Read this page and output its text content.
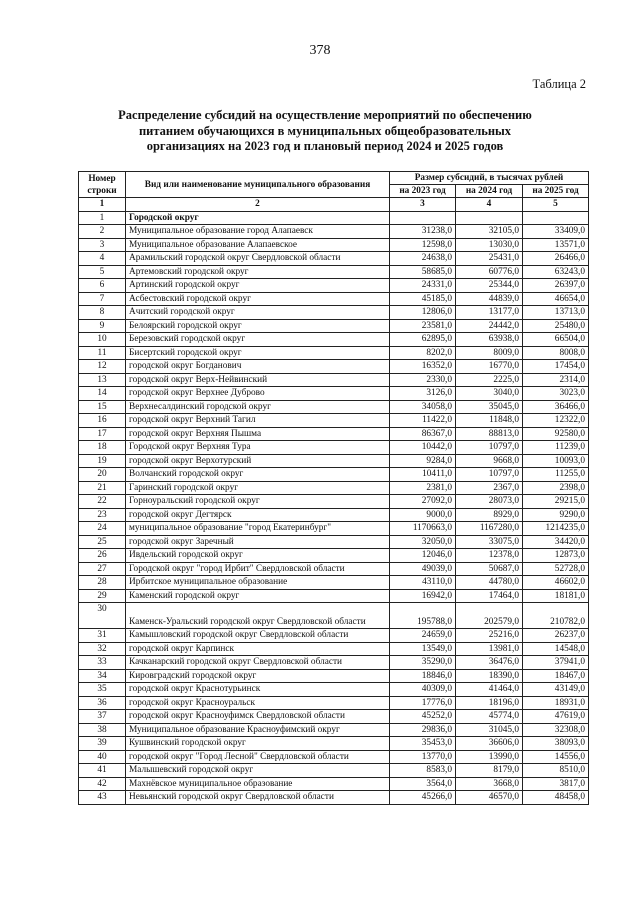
378
Таблица 2
Распределение субсидий на осуществление мероприятий по обеспечению питанием обучающихся в муниципальных общеобразовательных организациях на 2023 год и плановый период 2024 и 2025 годов
Номер строки	Вид или наименование муниципального образования	Размер субсидий, в тысячах рублей		
		на 2023 год	на 2024 год	на 2025 год
1	2	3	4	5
1	Городской округ			
2	Муниципальное образование город Алапаевск	31238,0	32105,0	33409,0
3	Муниципальное образование Алапаевское	12598,0	13030,0	13571,0
4	Арамильский городской округ Свердловской области	24638,0	25431,0	26466,0
5	Артемовский городской округ	58685,0	60776,0	63243,0
6	Артинский городской округ	24331,0	25344,0	26397,0
7	Асбестовский городской округ	45185,0	44839,0	46654,0
8	Ачитский городской округ	12806,0	13177,0	13713,0
9	Белоярский городской округ	23581,0	24442,0	25480,0
10	Березовский городской округ	62895,0	63938,0	66504,0
11	Бисертский городской округ	8202,0	8009,0	8008,0
12	городской округ Богданович	16352,0	16770,0	17454,0
13	городской округ Верх-Нейвинский	2330,0	2225,0	2314,0
14	городской округ Верхнее Дуброво	3126,0	3040,0	3023,0
15	Верхнесалдинский городской округ	34058,0	35045,0	36466,0
16	городской округ Верхний Тагил	11422,0	11848,0	12322,0
17	городской округ Верхняя Пышма	86367,0	88813,0	92580,0
18	Городской округ Верхняя Тура	10442,0	10797,0	11239,0
19	городской округ Верхотурский	9284,0	9668,0	10093,0
20	Волчанский городской округ	10411,0	10797,0	11255,0
21	Гаринский городской округ	2381,0	2367,0	2398,0
22	Горноуральский городской округ	27092,0	28073,0	29215,0
23	городской округ Дегтярск	9000,0	8929,0	9290,0
24	муниципальное образование "город Екатеринбург"	1170663,0	1167280,0	1214235,0
25	городской округ Заречный	32050,0	33075,0	34420,0
26	Ивдельский городской округ	12046,0	12378,0	12873,0
27	Городской округ "город Ирбит" Свердловской области	49039,0	50687,0	52728,0
28	Ирбитское муниципальное образование	43110,0	44780,0	46602,0
29	Каменский городской округ	16942,0	17464,0	18181,0
30	Каменск-Уральский городской округ Свердловской области	195788,0	202579,0	210782,0
31	Камышловский городской округ Свердловской области	24659,0	25216,0	26237,0
32	городской округ Карпинск	13549,0	13981,0	14548,0
33	Качканарский городской округ Свердловской области	35290,0	36476,0	37941,0
34	Кировградский городской округ	18846,0	18390,0	18467,0
35	городской округ Краснотурьинск	40309,0	41464,0	43149,0
36	городской округ Красноуральск	17776,0	18196,0	18931,0
37	городской округ Красноуфимск Свердловской области	45252,0	45774,0	47619,0
38	Муниципальное образование Красноуфимский округ	29836,0	31045,0	32308,0
39	Кушвинский городской округ	35453,0	36606,0	38093,0
40	городской округ "Город Лесной" Свердловской области	13770,0	13990,0	14556,0
41	Малышевский городской округ	8583,0	8179,0	8510,0
42	Махнёвское муниципальное образование	3564,0	3668,0	3817,0
43	Невьянский городской округ Свердловской области	45266,0	46570,0	48458,0
